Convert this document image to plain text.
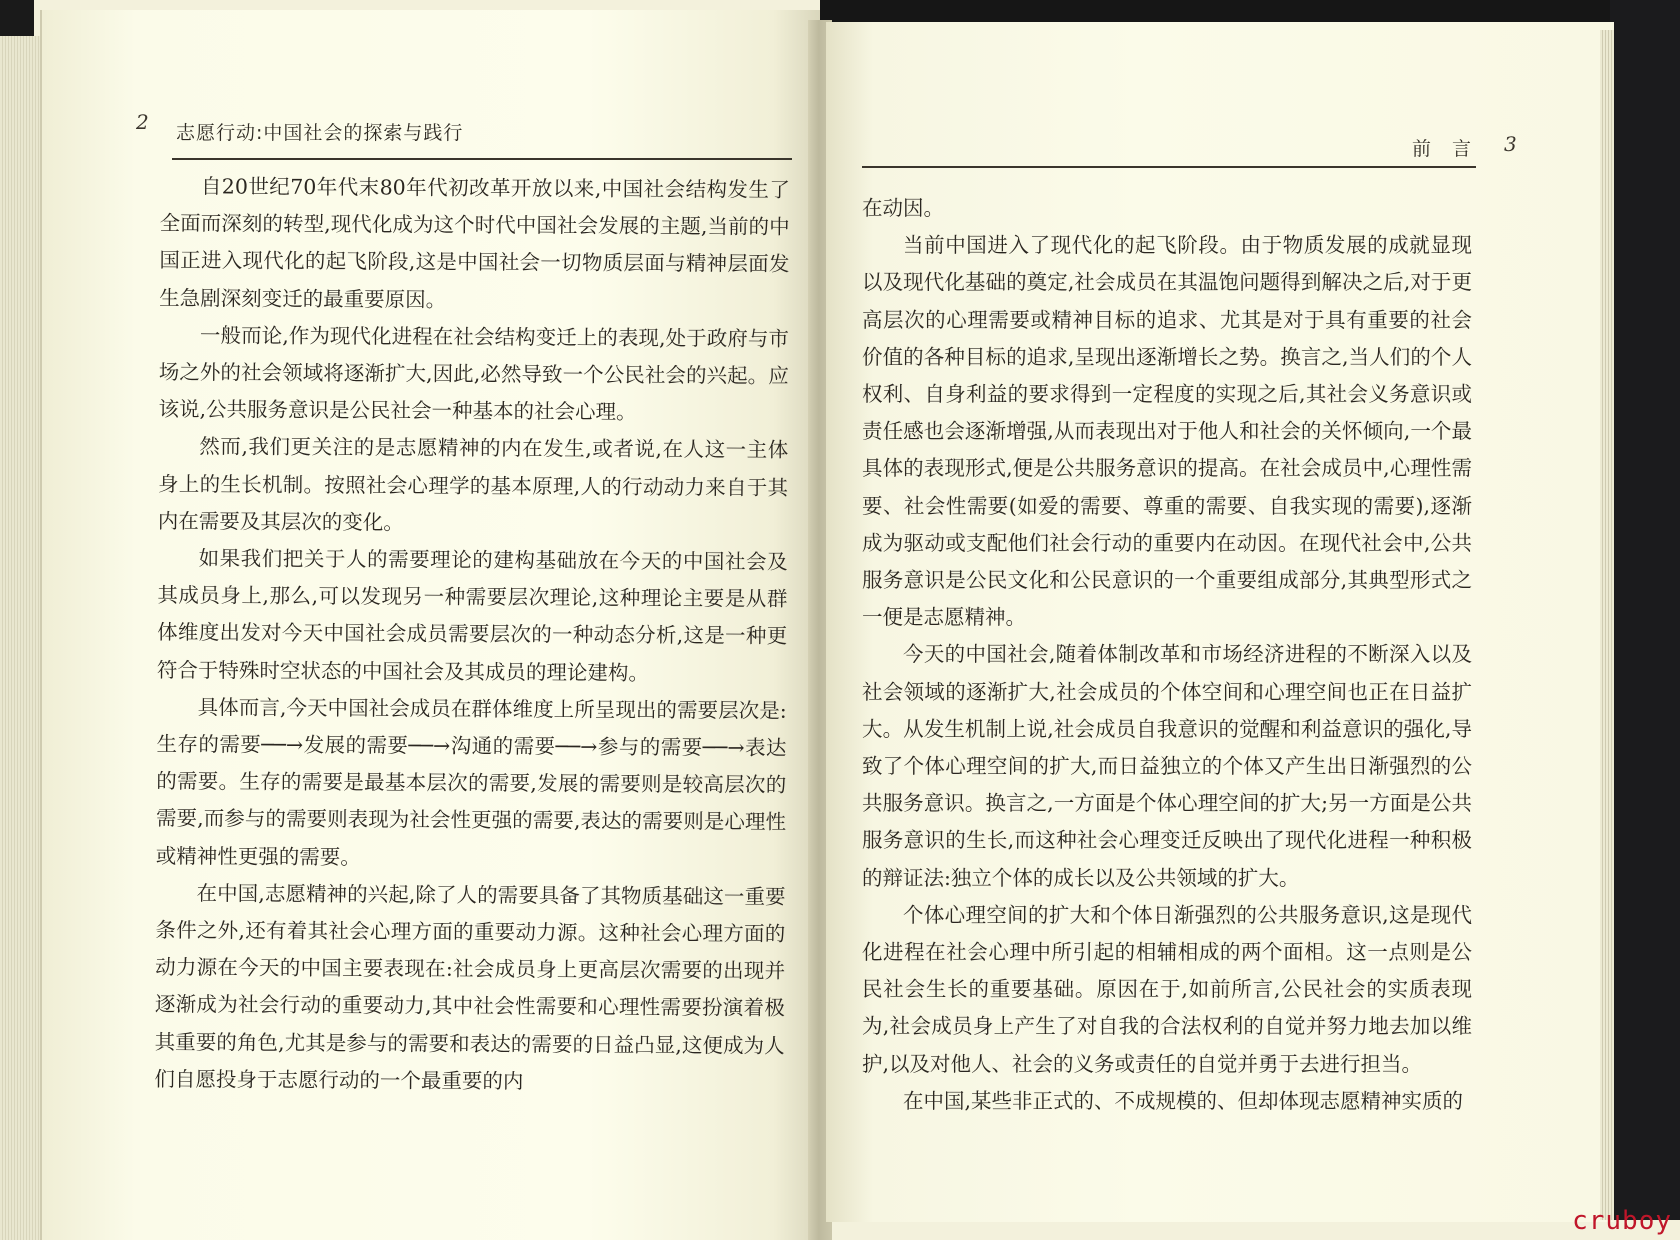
2 志愿行动:中国社会的探索与践行

自20世纪70年代末80年代初改革开放以来,中国社会结构发生了全面而深刻的转型,现代化成为这个时代中国社会发展的主题,当前的中国正进入现代化的起飞阶段,这是中国社会一切物质层面与精神层面发生急剧深刻变迁的最重要原因。

一般而论,作为现代化进程在社会结构变迁上的表现,处于政府与市场之外的社会领域将逐渐扩大,因此,必然导致一个公民社会的兴起。应该说,公共服务意识是公民社会一种基本的社会心理。

然而,我们更关注的是志愿精神的内在发生,或者说,在人这一主体身上的生长机制。按照社会心理学的基本原理,人的行动动力来自于其内在需要及其层次的变化。

如果我们把关于人的需要理论的建构基础放在今天的中国社会及其成员身上,那么,可以发现另一种需要层次理论,这种理论主要是从群体维度出发对今天中国社会成员需要层次的一种动态分析,这是一种更符合于特殊时空状态的中国社会及其成员的理论建构。

具体而言,今天中国社会成员在群体维度上所呈现出的需要层次是:生存的需要──→发展的需要──→沟通的需要──→参与的需要──→表达的需要。生存的需要是最基本层次的需要,发展的需要则是较高层次的需要,而参与的需要则表现为社会性更强的需要,表达的需要则是心理性或精神性更强的需要。

在中国,志愿精神的兴起,除了人的需要具备了其物质基础这一重要条件之外,还有着其社会心理方面的重要动力源。这种社会心理方面的动力源在今天的中国主要表现在:社会成员身上更高层次需要的出现并逐渐成为社会行动的重要动力,其中社会性需要和心理性需要扮演着极其重要的角色,尤其是参与的需要和表达的需要的日益凸显,这便成为人们自愿投身于志愿行动的一个最重要的内

前　言 3

在动因。

当前中国进入了现代化的起飞阶段。由于物质发展的成就显现以及现代化基础的奠定,社会成员在其温饱问题得到解决之后,对于更高层次的心理需要或精神目标的追求、尤其是对于具有重要的社会价值的各种目标的追求,呈现出逐渐增长之势。换言之,当人们的个人权利、自身利益的要求得到一定程度的实现之后,其社会义务意识或责任感也会逐渐增强,从而表现出对于他人和社会的关怀倾向,一个最具体的表现形式,便是公共服务意识的提高。在社会成员中,心理性需要、社会性需要(如爱的需要、尊重的需要、自我实现的需要),逐渐成为驱动或支配他们社会行动的重要内在动因。在现代社会中,公共服务意识是公民文化和公民意识的一个重要组成部分,其典型形式之一便是志愿精神。

今天的中国社会,随着体制改革和市场经济进程的不断深入以及社会领域的逐渐扩大,社会成员的个体空间和心理空间也正在日益扩大。从发生机制上说,社会成员自我意识的觉醒和利益意识的强化,导致了个体心理空间的扩大,而日益独立的个体又产生出日渐强烈的公共服务意识。换言之,一方面是个体心理空间的扩大;另一方面是公共服务意识的生长,而这种社会心理变迁反映出了现代化进程一种积极的辩证法:独立个体的成长以及公共领域的扩大。

个体心理空间的扩大和个体日渐强烈的公共服务意识,这是现代化进程在社会心理中所引起的相辅相成的两个面相。这一点则是公民社会生长的重要基础。原因在于,如前所言,公民社会的实质表现为,社会成员身上产生了对自我的合法权利的自觉并努力地去加以维护,以及对他人、社会的义务或责任的自觉并勇于去进行担当。

在中国,某些非正式的、不成规模的、但却体现志愿精神实质的

cruboy
